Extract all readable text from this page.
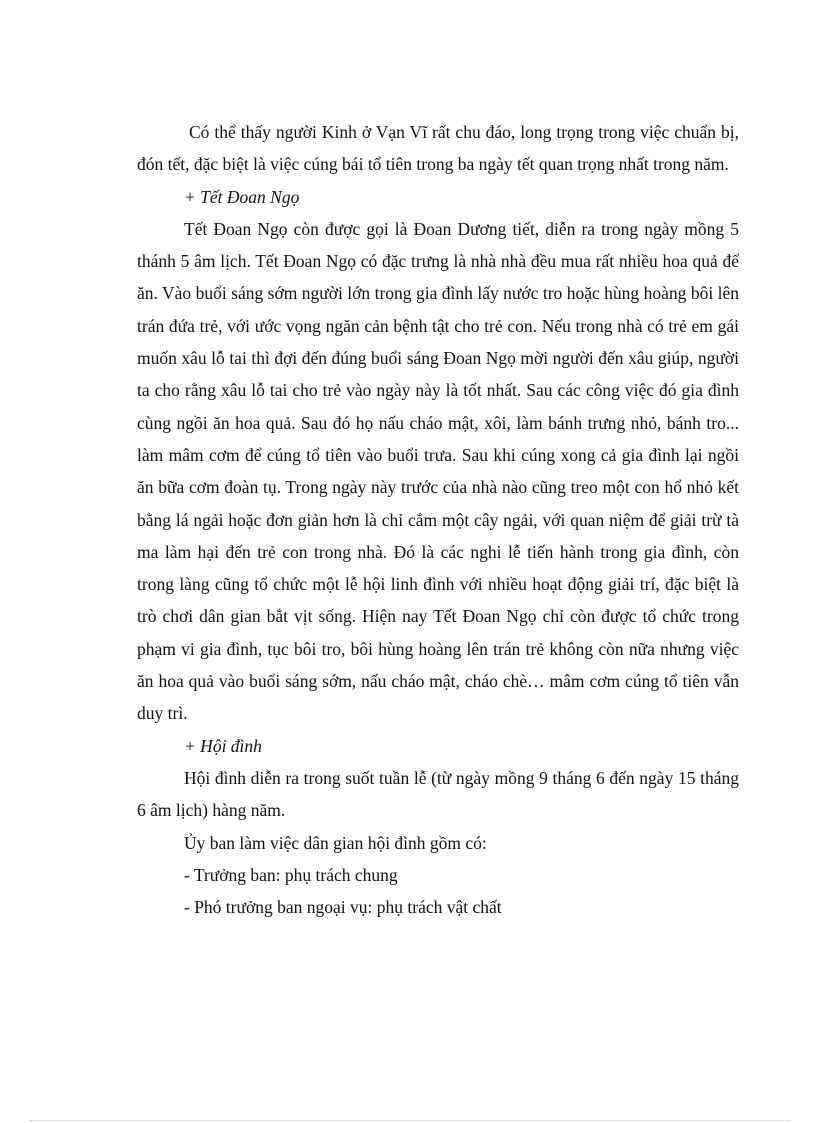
Có thể thấy người Kinh ở Vạn Vĩ rất chu đáo, long trọng trong việc chuẩn bị, đón tết, đặc biệt là việc cúng bái tổ tiên trong ba ngày tết quan trọng nhất trong năm.

+ Tết Đoan Ngọ

Tết Đoan Ngọ còn được gọi là Đoan Dương tiết, diễn ra trong ngày mồng 5 thánh 5 âm lịch. Tết Đoan Ngọ có đặc trưng là nhà nhà đều mua rất nhiều hoa quả để ăn. Vào buổi sáng sớm người lớn trong gia đình lấy nước tro hoặc hùng hoàng bôi lên trán đứa trẻ, với ước vọng ngăn cản bệnh tật cho trẻ con. Nếu trong nhà có trẻ em gái muốn xâu lỗ tai thì đợi đến đúng buổi sáng Đoan Ngọ mời người đến xâu giúp, người ta cho rằng xâu lỗ tai cho trẻ vào ngày này là tốt nhất. Sau các công việc đó gia đình cùng ngồi ăn hoa quả. Sau đó họ nấu cháo mật, xôi, làm bánh trưng nhỏ, bánh tro... làm mâm cơm để cúng tổ tiên vào buổi trưa. Sau khi cúng xong cả gia đình lại ngồi ăn bữa cơm đoàn tụ. Trong ngày này trước của nhà nào cũng treo một con hổ nhỏ kết bằng lá ngải hoặc đơn giản hơn là chỉ cắm một cây ngải, với quan niệm để giải trừ tà ma làm hại đến trẻ con trong nhà. Đó là các nghi lễ tiến hành trong gia đình, còn trong làng cũng tổ chức một lễ hội linh đình với nhiều hoạt động giải trí, đặc biệt là trò chơi dân gian bắt vịt sống. Hiện nay Tết Đoan Ngọ chỉ còn được tổ chức trong phạm vi gia đình, tục bôi tro, bôi hùng hoàng lên trán trẻ không còn nữa nhưng việc ăn hoa quả vào buổi sáng sớm, nấu cháo mật, cháo chè… mâm cơm cúng tổ tiên vẫn duy trì.

+ Hội đình

Hội đình diễn ra trong suốt tuần lễ (từ ngày mồng 9 tháng 6 đến ngày 15 tháng 6 âm lịch) hàng năm.

Ủy ban làm việc dân gian hội đình gồm có:

- Trưởng ban: phụ trách chung

- Phó trưởng ban ngoại vụ: phụ trách vật chất
